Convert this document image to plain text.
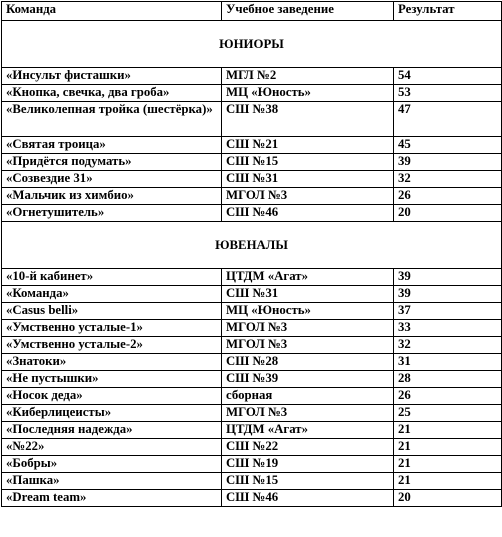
Команда	Учебное заведение	Результат
ЮНИОРЫ		
«Инсульт фисташки»	МГЛ №2	54
«Кнопка, свечка, два гроба»	МЦ «Юность»	53
«Великолепная тройка (шестёрка)»	СШ №38	47
«Святая троица»	СШ №21	45
«Придётся подумать»	СШ №15	39
«Созвездие 31»	СШ №31	32
«Мальчик из химбио»	МГОЛ №3	26
«Огнетушитель»	СШ №46	20
ЮВЕНАЛЫ		
«10-й кабинет»	ЦТДМ «Агат»	39
«Команда»	СШ №31	39
«Casus belli»	МЦ «Юность»	37
«Умственно усталые-1»	МГОЛ №3	33
«Умственно усталые-2»	МГОЛ №3	32
«Знатоки»	СШ №28	31
«Не пустышки»	СШ №39	28
«Носок деда»	сборная	26
«Киберлицеисты»	МГОЛ №3	25
«Последняя надежда»	ЦТДМ «Агат»	21
«№22»	СШ №22	21
«Бобры»	СШ №19	21
«Пашка»	СШ №15	21
«Dream team»	СШ №46	20
